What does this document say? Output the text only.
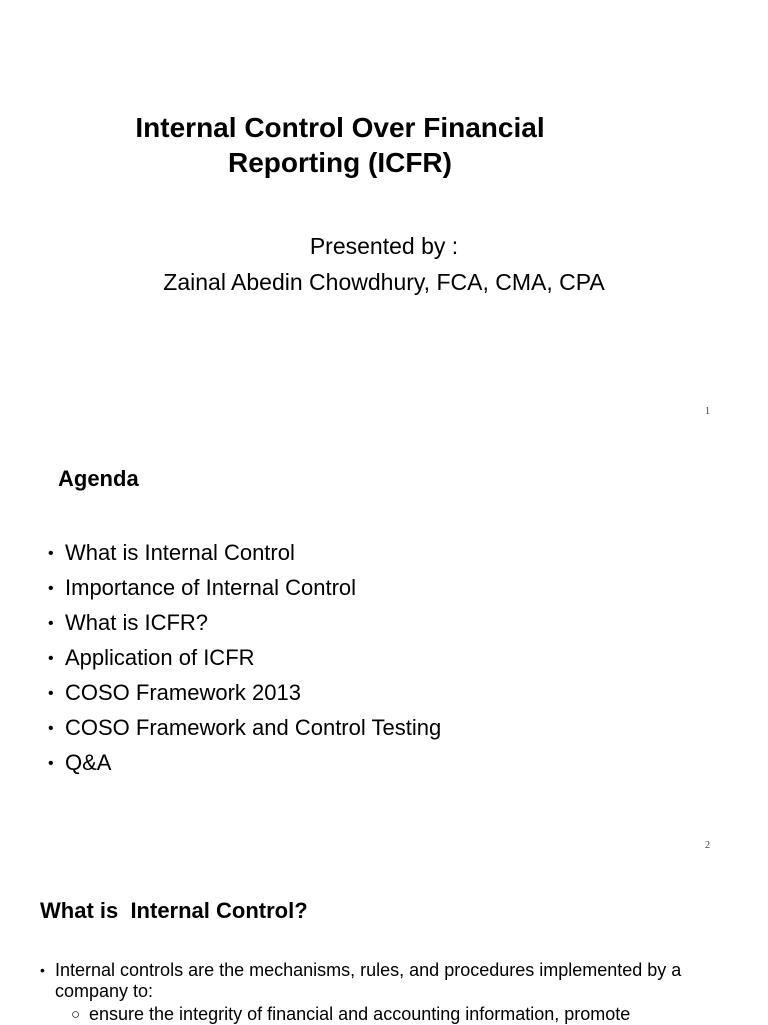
Internal Control Over Financial
Reporting (ICFR)
Presented by :
Zainal Abedin Chowdhury, FCA, CMA, CPA
1
Agenda
• What is Internal Control
• Importance of Internal Control
• What is ICFR?
• Application of ICFR
• COSO Framework 2013
• COSO Framework and Control Testing
• Q&A
2
What is  Internal Control?
• Internal controls are the mechanisms, rules, and procedures implemented by a company to:
○ ensure the integrity of financial and accounting information, promote
